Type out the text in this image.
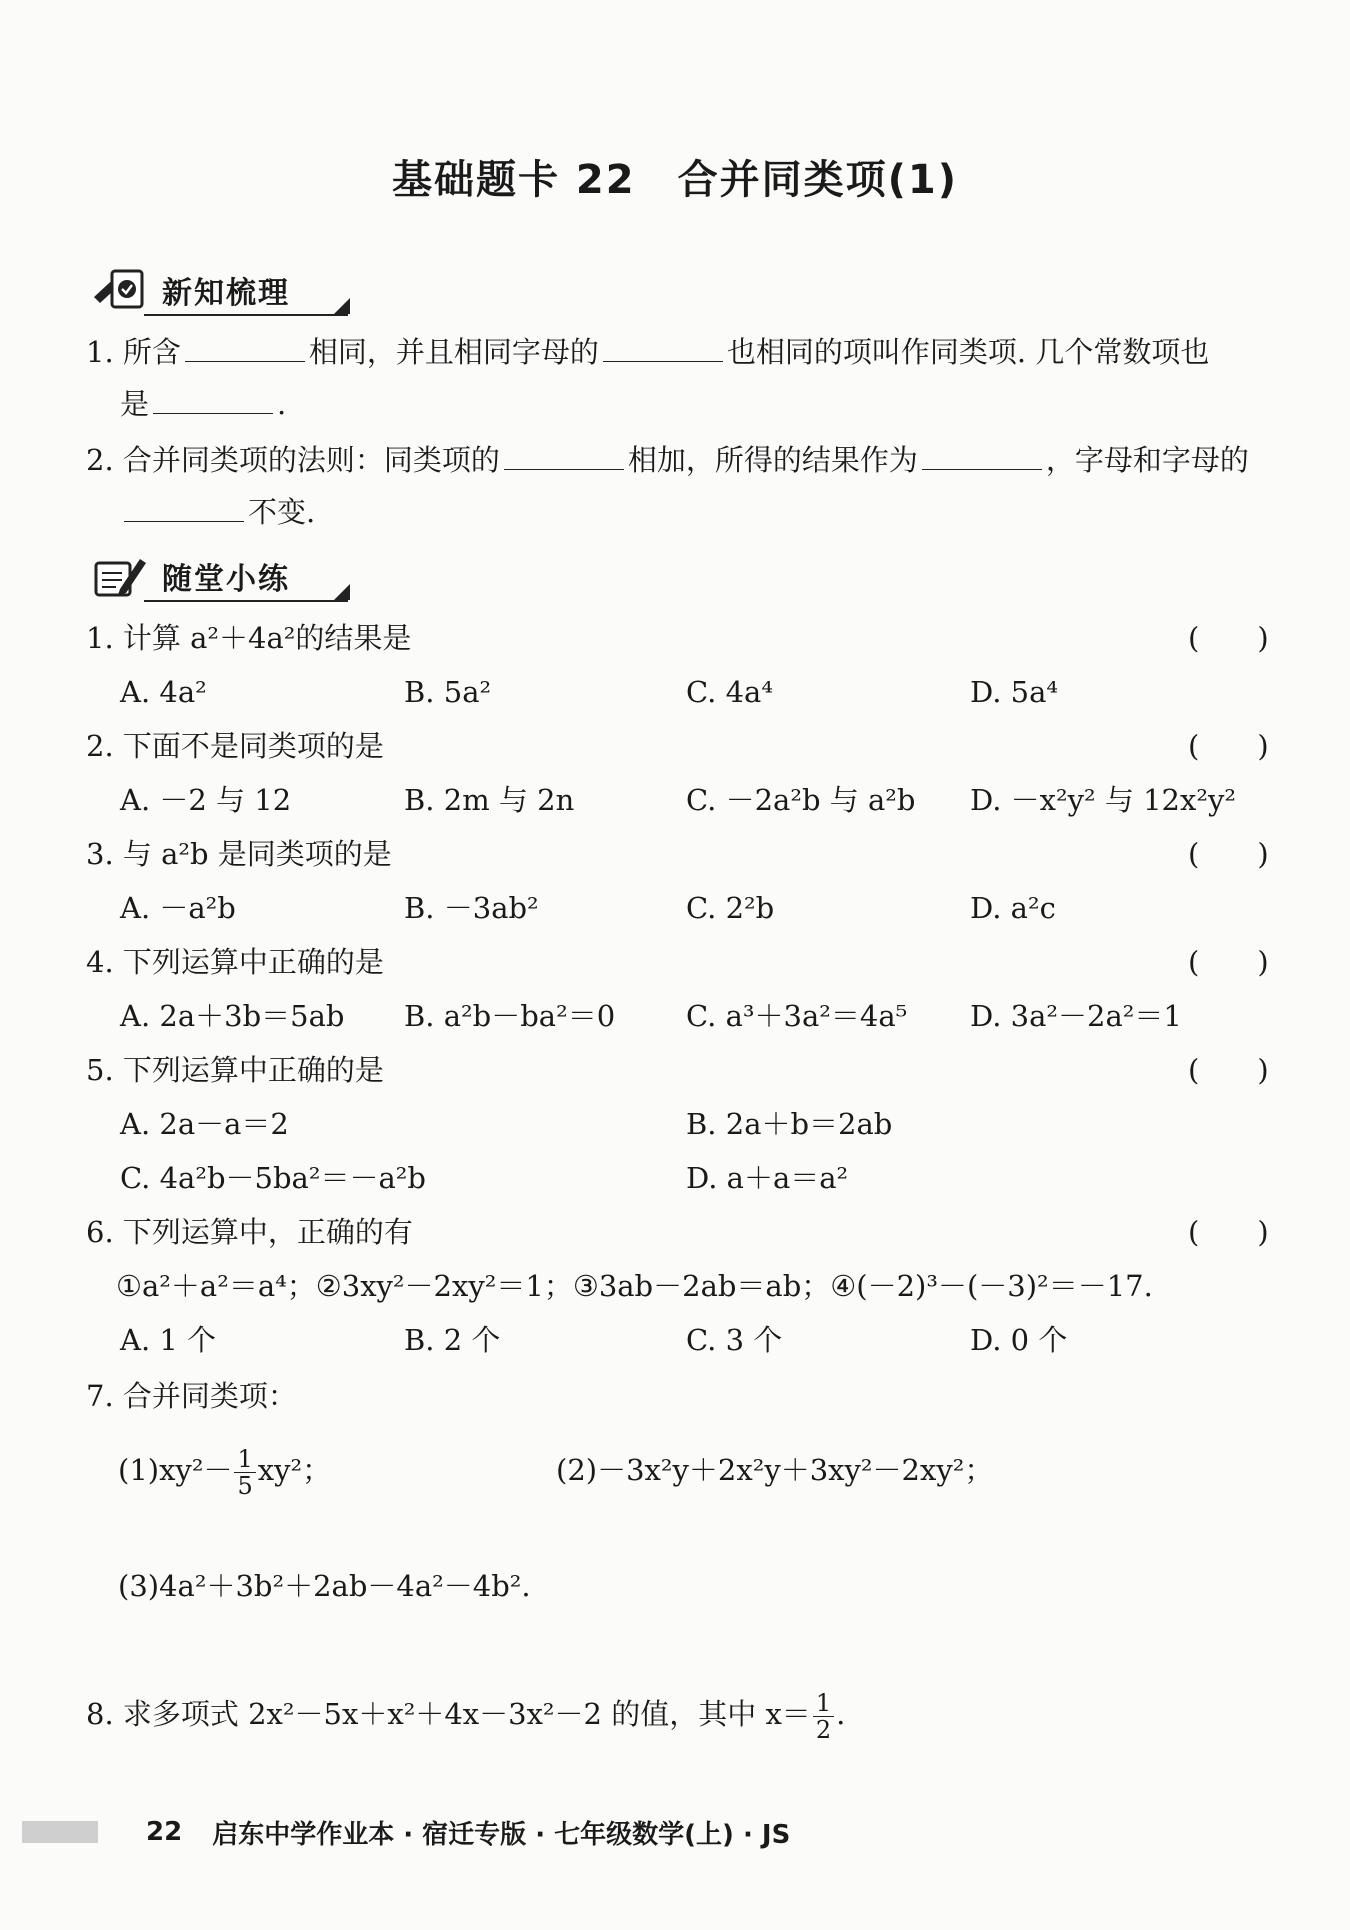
基础题卡 22　合并同类项(1)
新知梳理
1. 所含	相同，并且相同字母的	也相同的项叫作同类项. 几个常数项也
是	.
2. 合并同类项的法则：同类项的	相加，所得的结果作为	，字母和字母的
不变.
随堂小练
1. 计算 a²＋4a²的结果是	(　　)
A. 4a²	B. 5a²	C. 4a⁴	D. 5a⁴
2. 下面不是同类项的是	(　　)
A. －2 与 12	B. 2m 与 2n	C. －2a²b 与 a²b D. －x²y² 与 12x²y²
3. 与 a²b 是同类项的是	(　　)
A. －a²b	B. －3ab²	C. 2²b	D. a²c
4. 下列运算中正确的是	(　　)
A. 2a＋3b＝5ab B. a²b－ba²＝0 C. a³＋3a²＝4a⁵ D. 3a²－2a²＝1
5. 下列运算中正确的是	(　　)
A. 2a－a＝2	B. 2a＋b＝2ab
C. 4a²b－5ba²＝－a²b	D. a＋a＝a²
6. 下列运算中，正确的有	(　　)
①a²＋a²＝a⁴；②3xy²－2xy²＝1；③3ab－2ab＝ab；④(－2)³－(－3)²＝－17.
A. 1 个	B. 2 个	C. 3 个	D. 0 个
7. 合并同类项：
$(1)xy^2- \frac{1}{5} xy^2$；	(2)－3x²y＋2x²y＋3xy²－2xy²；
(3)4a²＋3b²＋2ab－4a²－4b².
8. 求多项式 2x²－5x＋x²＋4x－3x²－2 的值，其中 $x= \frac{1}{2}$ .
22 启东中学作业本 · 宿迁专版 · 七年级数学(上) · JS
